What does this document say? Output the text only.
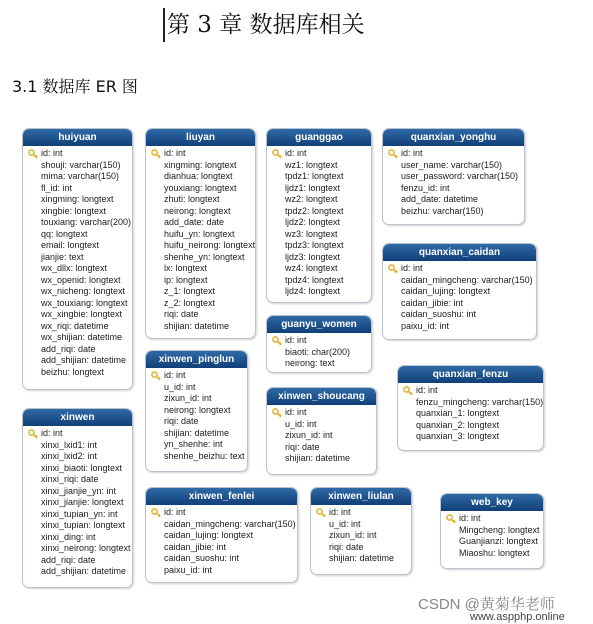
第 3 章 数据库相关
3.1 数据库 ER 图
huiyuan
id: int
shouji: varchar(150)
mima: varchar(150)
fl_id: int
xingming: longtext
xingbie: longtext
touxiang: varchar(200)
qq: longtext
email: longtext
jianjie: text
wx_dllx: longtext
wx_openid: longtext
wx_nicheng: longtext
wx_touxiang: longtext
wx_xingbie: longtext
wx_riqi: datetime
wx_shijian: datetime
add_riqi: date
add_shijian: datetime
beizhu: longtext
liuyan
id: int
xingming: longtext
dianhua: longtext
youxiang: longtext
zhuti: longtext
neirong: longtext
add_date: date
huifu_yn: longtext
huifu_neirong: longtext
shenhe_yn: longtext
lx: longtext
ip: longtext
z_1: longtext
z_2: longtext
riqi: date
shijian: datetime
guanggao
id: int
wz1: longtext
tpdz1: longtext
ljdz1: longtext
wz2: longtext
tpdz2: longtext
ljdz2: longtext
wz3: longtext
tpdz3: longtext
ljdz3: longtext
wz4: longtext
tpdz4: longtext
ljdz4: longtext
quanxian_yonghu
id: int
user_name: varchar(150)
user_password: varchar(150)
fenzu_id: int
add_date: datetime
beizhu: varchar(150)
quanxian_caidan
id: int
caidan_mingcheng: varchar(150)
caidan_lujing: longtext
caidan_jibie: int
caidan_suoshu: int
paixu_id: int
guanyu_women
id: int
biaoti: char(200)
neirong: text
xinwen_pinglun
id: int
u_id: int
zixun_id: int
neirong: longtext
riqi: date
shijian: datetime
yn_shenhe: int
shenhe_beizhu: text
xinwen_shoucang
id: int
u_id: int
zixun_id: int
riqi: date
shijian: datetime
quanxian_fenzu
id: int
fenzu_mingcheng: varchar(150)
quanxian_1: longtext
quanxian_2: longtext
quanxian_3: longtext
xinwen
id: int
xinxi_lxid1: int
xinxi_lxid2: int
xinxi_biaoti: longtext
xinxi_riqi: date
xinxi_jianjie_yn: int
xinxi_jianjie: longtext
xinxi_tupian_yn: int
xinxi_tupian: longtext
xinxi_ding: int
xinxi_neirong: longtext
add_riqi: date
add_shijian: datetime
xinwen_fenlei
id: int
caidan_mingcheng: varchar(150)
caidan_lujing: longtext
caidan_jibie: int
caidan_suoshu: int
paixu_id: int
xinwen_liulan
id: int
u_id: int
zixun_id: int
riqi: date
shijian: datetime
web_key
id: int
Mingcheng: longtext
Guanjianzi: longtext
Miaoshu: longtext
CSDN @黄菊华老师
www.aspphp.online
